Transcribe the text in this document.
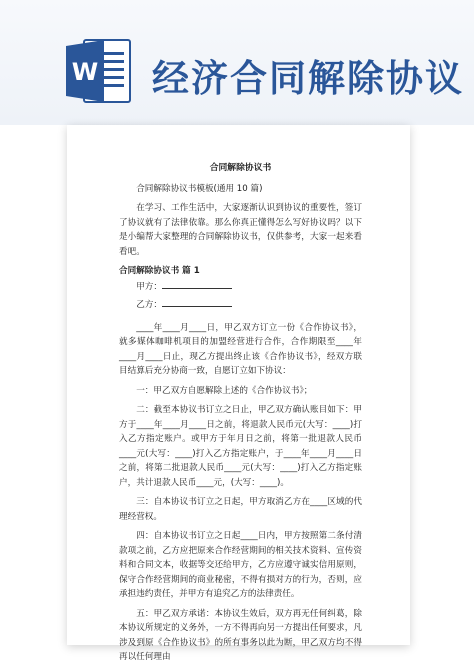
W 经济合同解除协议
合同解除协议书

合同解除协议书模板(通用 10 篇)

在学习、工作生活中，大家逐渐认识到协议的重要性，签订了协议就有了法律依靠。那么你真正懂得怎么写好协议吗？以下是小编帮大家整理的合同解除协议书，仅供参考，大家一起来看看吧。

合同解除协议书 篇 1

甲方：
乙方：

____年____月____日，甲乙双方订立一份《合作协议书》，就多媒体咖啡机项目的加盟经营进行合作，合作期限至____年____月____日止，现乙方提出终止该《合作协议书》，经双方联目结算后充分协商一致，自愿订立如下协议：

一：甲乙双方自愿解除上述的《合作协议书》；

二：截至本协议书订立之日止，甲乙双方确认账目如下：甲方于____年____月____日之前，将退款人民币元(大写：____)打入乙方指定账户。或甲方于年月日之前，将第一批退款人民币____元(大写：____)打入乙方指定账户，于____年____月____日之前，将第二批退款人民币____元(大写：____)打入乙方指定账户，共计退款人民币____元，(大写：____)。

三：自本协议书订立之日起，甲方取消乙方在____区域的代理经营权。

四：自本协议书订立之日起____日内，甲方按照第二条付清款项之前，乙方应把原来合作经营期间的相关技术资料、宣传资料和合同文本，收据等交还给甲方，乙方应遵守诚实信用原则，保守合作经营期间的商业秘密，不得有损对方的行为，否则，应承担违约责任，并甲方有追究乙方的法律责任。

五：甲乙双方承诺：本协议生效后，双方再无任何纠葛，除本协议所规定的义务外，一方不得再向另一方提出任何要求，凡涉及到原《合作协议书》的所有事务以此为断，甲乙双方均不得再以任何理由
